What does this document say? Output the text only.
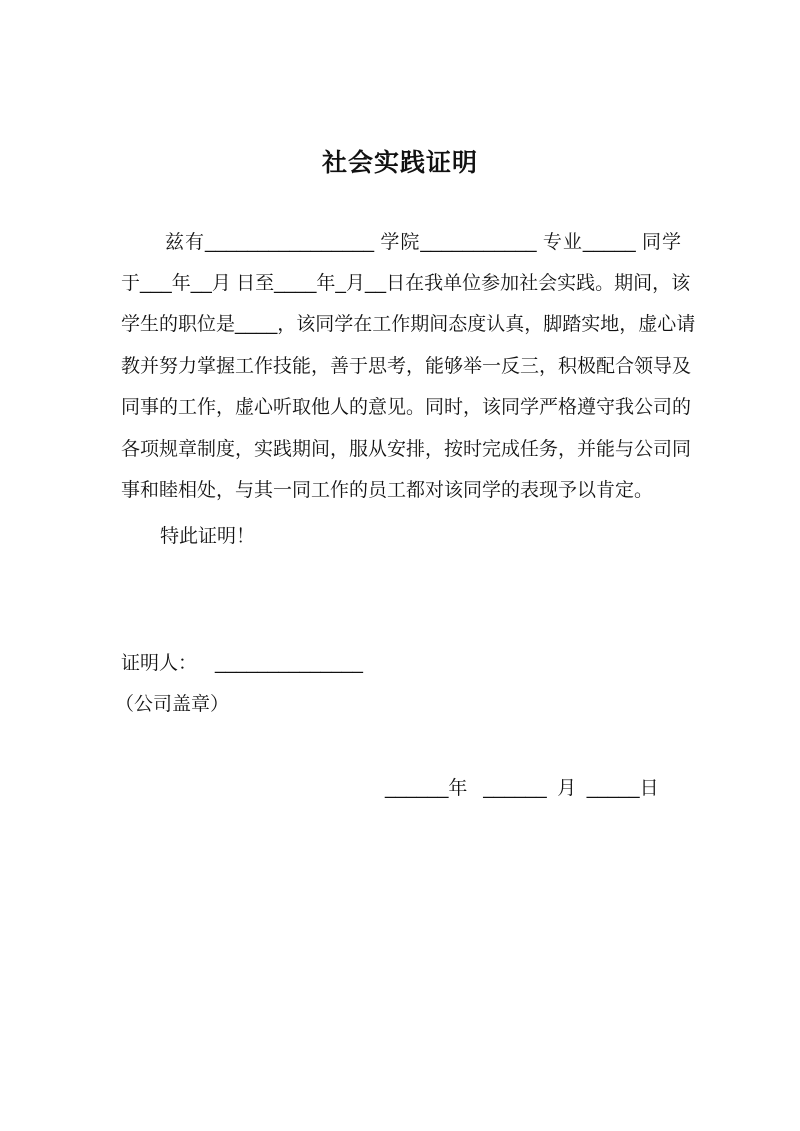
社会实践证明
兹有________________ 学院___________ 专业_____ 同学
于___年__月 日至____年_月__日在我单位参加社会实践。期间，该
学生的职位是____，该同学在工作期间态度认真，脚踏实地，虚心请
教并努力掌握工作技能，善于思考，能够举一反三，积极配合领导及
同事的工作，虚心听取他人的意见。同时，该同学严格遵守我公司的
各项规章制度，实践期间，服从安排，按时完成任务，并能与公司同
事和睦相处，与其一同工作的员工都对该同学的表现予以肯定。
特此证明！
证明人： ______________
（公司盖章）
______年   ______  月  _____日
